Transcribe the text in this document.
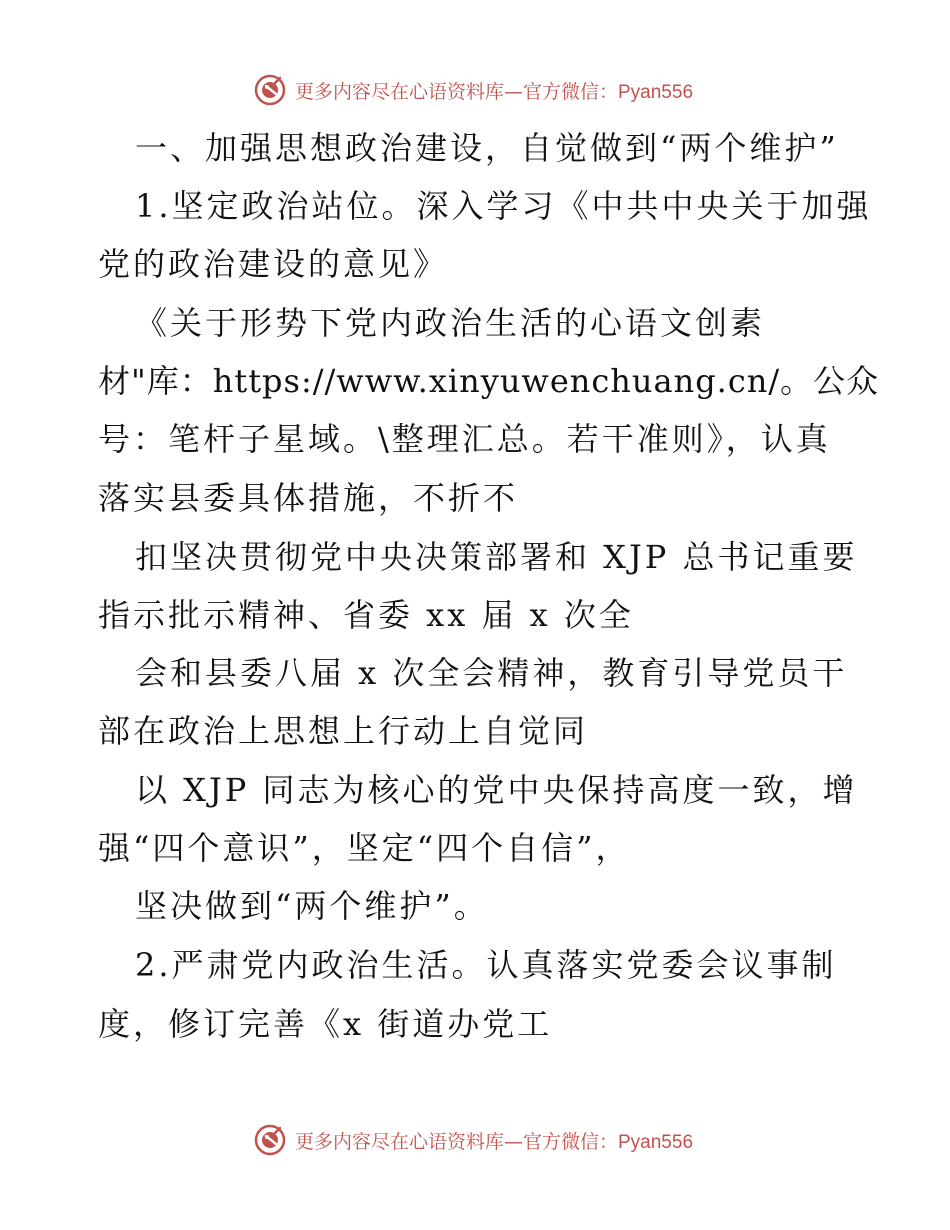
更多内容尽在心语资料库—官方微信：Pyan556
一、加强思想政治建设，自觉做到“两个维护”
1.坚定政治站位。深入学习《中共中央关于加强
党的政治建设的意见》
《关于形势下党内政治生活的心语文创素
材"库：https://www.xinyuwenchuang.cn/。公众
号：笔杆子星域。\整理汇总。若干准则》，认真
落实县委具体措施，不折不
扣坚决贯彻党中央决策部署和 XJP 总书记重要
指示批示精神、省委 xx 届 x 次全
会和县委八届 x 次全会精神，教育引导党员干
部在政治上思想上行动上自觉同
以 XJP 同志为核心的党中央保持高度一致，增
强“四个意识”，坚定“四个自信”，
坚决做到“两个维护”。
2.严肃党内政治生活。认真落实党委会议事制
度，修订完善《x 街道办党工
更多内容尽在心语资料库—官方微信：Pyan556
